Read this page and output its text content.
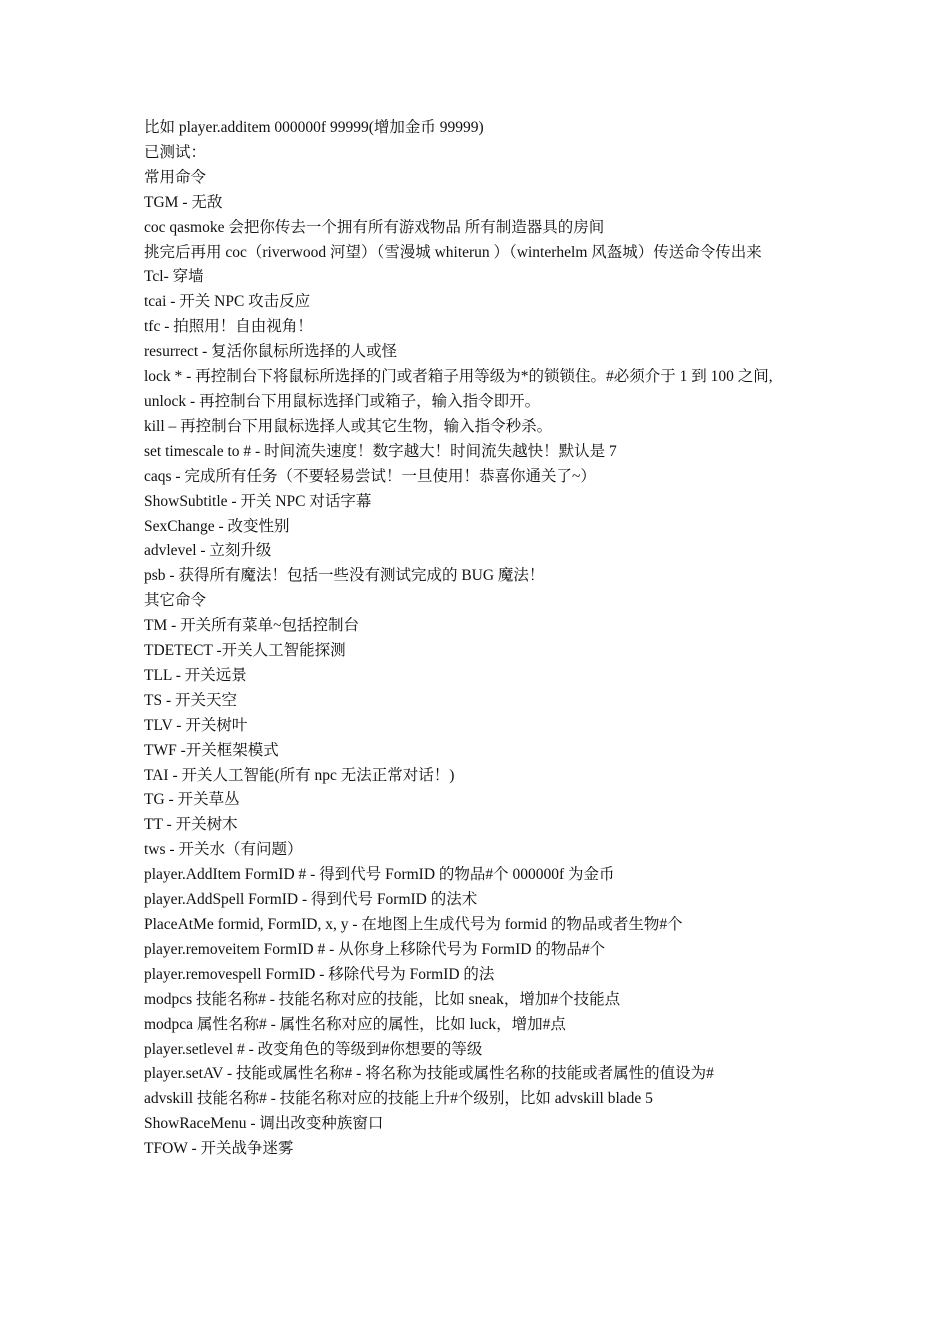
比如 player.additem 000000f 99999(增加金币 99999)
已测试：
常用命令
TGM - 无敌
coc qasmoke 会把你传去一个拥有所有游戏物品 所有制造器具的房间
挑完后再用 coc（riverwood 河望）（雪漫城 whiterun ）（winterhelm 风盔城）传送命令传出来
Tcl- 穿墙
tcai - 开关 NPC 攻击反应
tfc - 拍照用！自由视角！
resurrect - 复活你鼠标所选择的人或怪
lock * - 再控制台下将鼠标所选择的门或者箱子用等级为*的锁锁住。#必须介于 1 到 100 之间,
unlock - 再控制台下用鼠标选择门或箱子，输入指令即开。
kill – 再控制台下用鼠标选择人或其它生物，输入指令秒杀。
set timescale to # - 时间流失速度！数字越大！时间流失越快！默认是 7
caqs - 完成所有任务（不要轻易尝试！一旦使用！恭喜你通关了~）
ShowSubtitle - 开关 NPC 对话字幕
SexChange - 改变性别
advlevel - 立刻升级
psb - 获得所有魔法！包括一些没有测试完成的 BUG 魔法！
其它命令
TM - 开关所有菜单~包括控制台
TDETECT -开关人工智能探测
TLL - 开关远景
TS - 开关天空
TLV - 开关树叶
TWF -开关框架模式
TAI - 开关人工智能(所有 npc 无法正常对话！)
TG - 开关草丛
TT - 开关树木
tws - 开关水（有问题）
player.AddItem FormID # - 得到代号 FormID 的物品#个 000000f 为金币
player.AddSpell FormID - 得到代号 FormID 的法术
PlaceAtMe formid, FormID, x, y - 在地图上生成代号为 formid 的物品或者生物#个
player.removeitem FormID # - 从你身上移除代号为 FormID 的物品#个
player.removespell FormID - 移除代号为 FormID 的法
modpcs 技能名称# - 技能名称对应的技能，比如 sneak，增加#个技能点
modpca 属性名称# - 属性名称对应的属性，比如 luck，增加#点
player.setlevel # - 改变角色的等级到#你想要的等级
player.setAV - 技能或属性名称# - 将名称为技能或属性名称的技能或者属性的值设为#
advskill 技能名称# - 技能名称对应的技能上升#个级别，比如 advskill blade 5
ShowRaceMenu - 调出改变种族窗口
TFOW - 开关战争迷雾
